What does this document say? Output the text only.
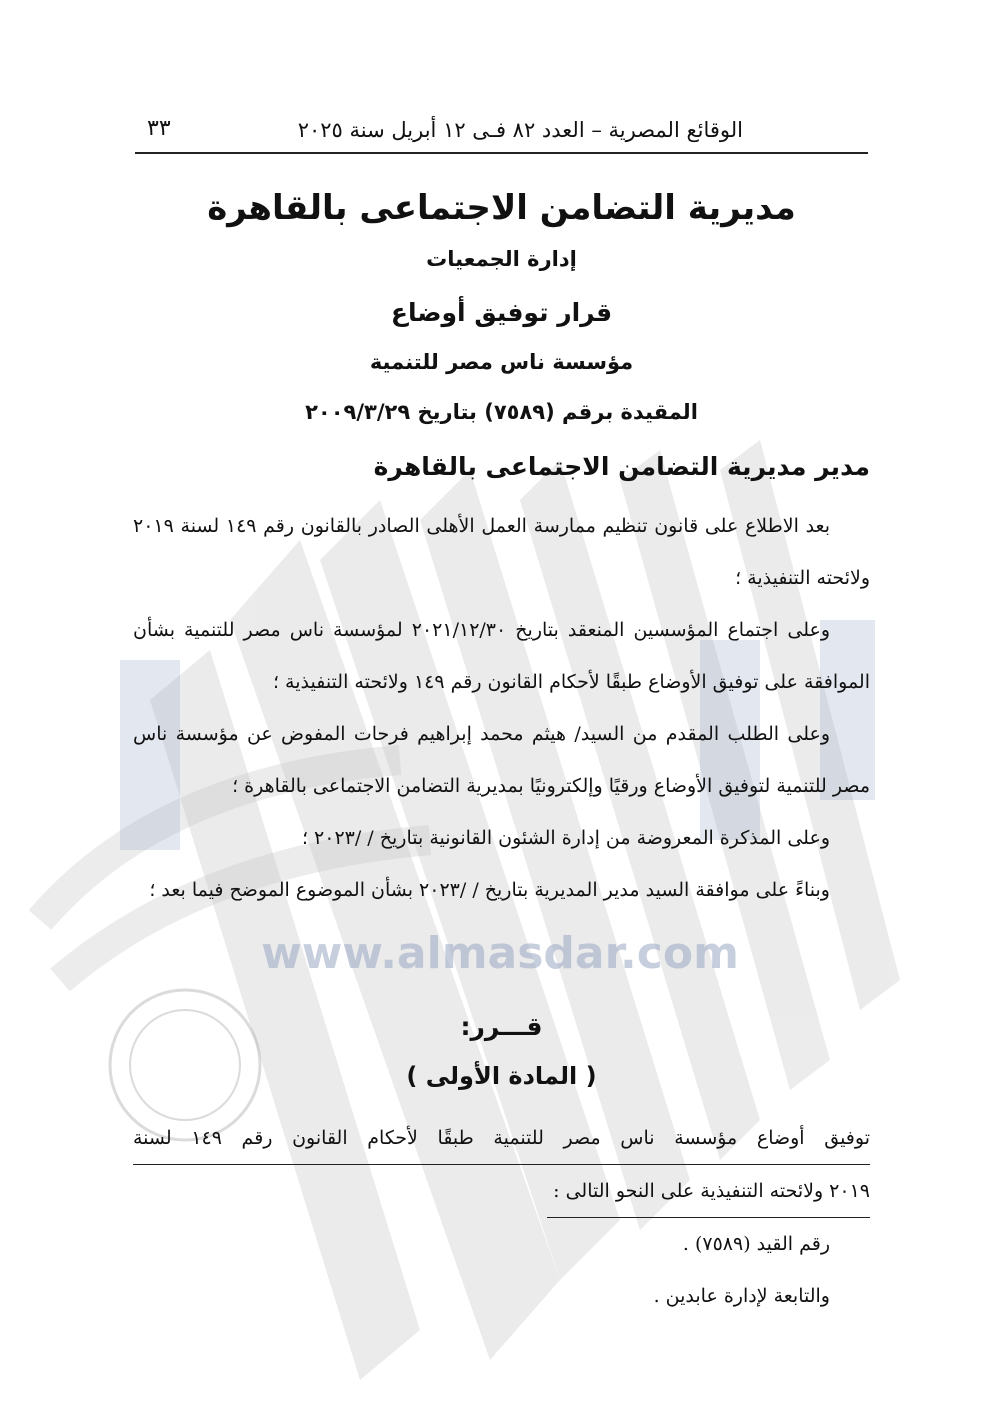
www.almasdar.com
الوقائع المصرية – العدد ٨٢ فـى ١٢ أبريل سنة ٢٠٢٥
٣٣
مديرية التضامن الاجتماعى بالقاهرة
إدارة الجمعيات
قرار توفيق أوضاع
مؤسسة ناس مصر للتنمية
المقيدة برقم (٧٥٨٩) بتاريخ ٢٠٠٩/٣/٢٩
مدير مديرية التضامن الاجتماعى بالقاهرة

بعد الاطلاع على قانون تنظيم ممارسة العمل الأهلى الصادر بالقانون رقم ١٤٩ لسنة ٢٠١٩ ولائحته التنفيذية ؛

وعلى اجتماع المؤسسين المنعقد بتاريخ ٢٠٢١/١٢/٣٠ لمؤسسة ناس مصر للتنمية بشأن الموافقة على توفيق الأوضاع طبقًا لأحكام القانون رقم ١٤٩ ولائحته التنفيذية ؛

وعلى الطلب المقدم من السيد/ هيثم محمد إبراهيم فرحات المفوض عن مؤسسة ناس مصر للتنمية لتوفيق الأوضاع ورقيًا وإلكترونيًا بمديرية التضامن الاجتماعى بالقاهرة ؛

وعلى المذكرة المعروضة من إدارة الشئون القانونية بتاريخ / /٢٠٢٣ ؛

وبناءً على موافقة السيد مدير المديرية بتاريخ / /٢٠٢٣ بشأن الموضوع الموضح فيما بعد ؛

قـــرر:
( المادة الأولى )

توفيق أوضاع مؤسسة ناس مصر للتنمية طبقًا لأحكام القانون رقم ١٤٩ لسنة

٢٠١٩ ولائحته التنفيذية على النحو التالى :

رقم القيد (٧٥٨٩) .

والتابعة لإدارة عابدين .
